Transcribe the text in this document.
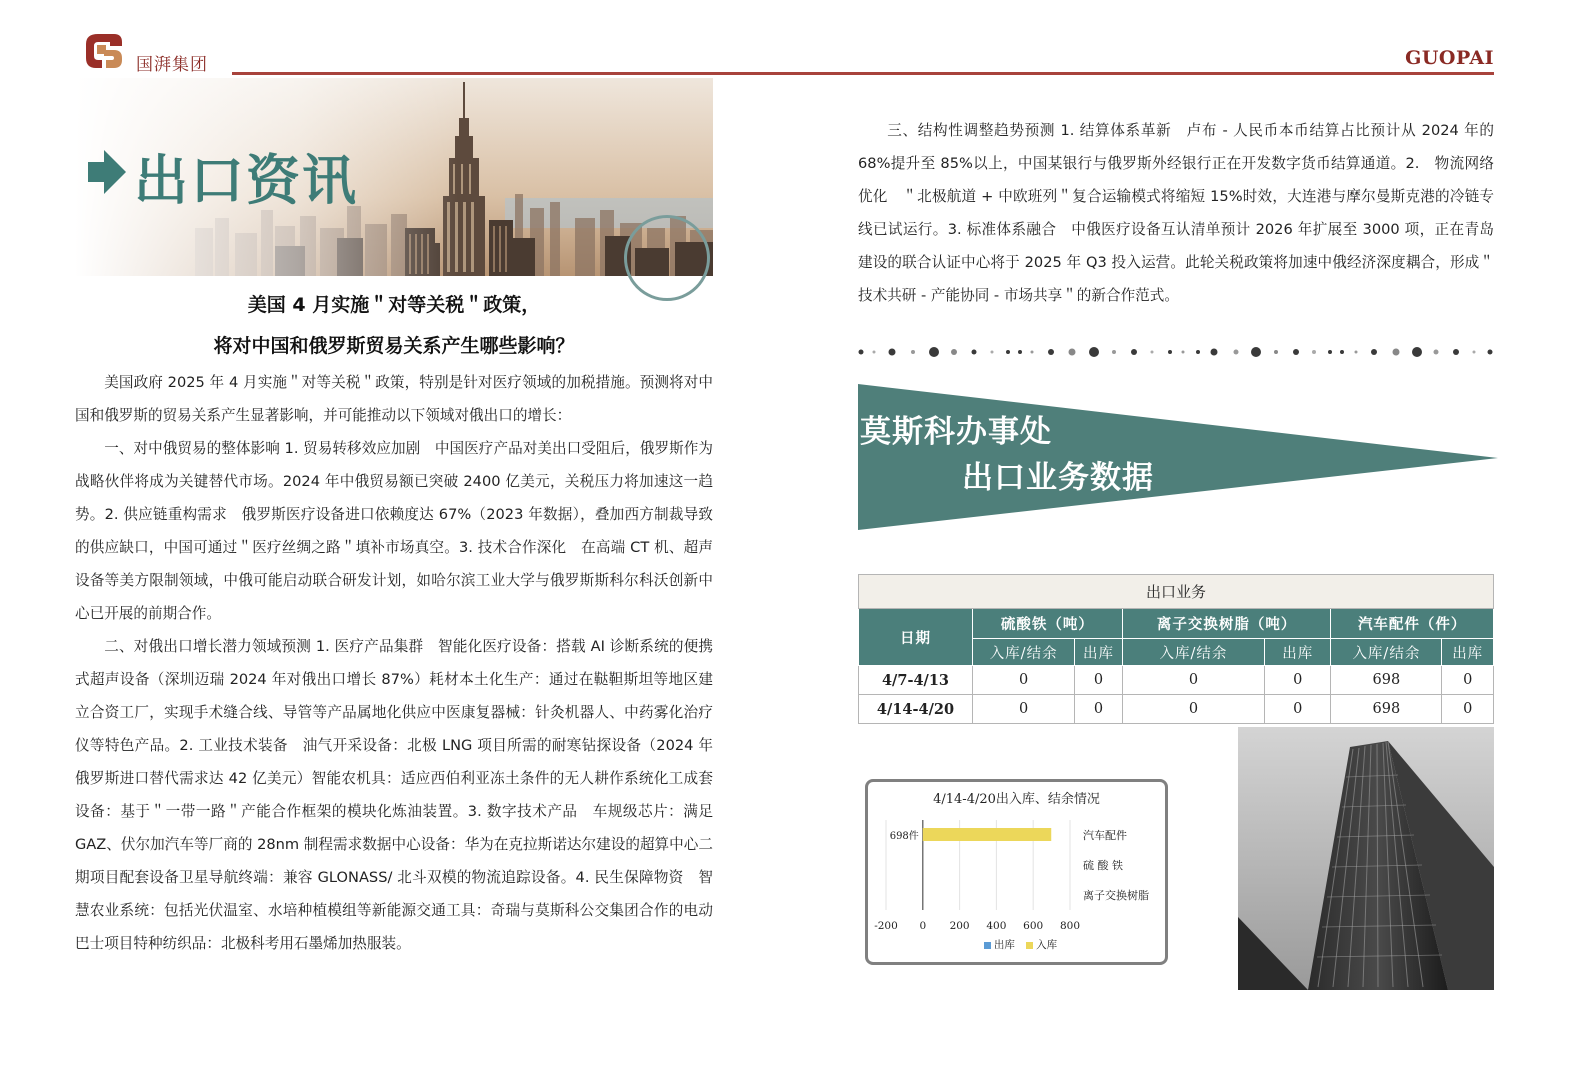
国湃集团	GUOPAI
出口资讯
美国 4 月实施＂对等关税＂政策，
将对中国和俄罗斯贸易关系产生哪些影响？

美国政府 2025 年 4 月实施＂对等关税＂政策，特别是针对医疗领域的加税措施。预测将对中国和俄罗斯的贸易关系产生显著影响，并可能推动以下领域对俄出口的增长：

一、对中俄贸易的整体影响 1. 贸易转移效应加剧　中国医疗产品对美出口受阻后，俄罗斯作为战略伙伴将成为关键替代市场。2024 年中俄贸易额已突破 2400 亿美元，关税压力将加速这一趋势。2. 供应链重构需求　俄罗斯医疗设备进口依赖度达 67%（2023 年数据），叠加西方制裁导致的供应缺口，中国可通过＂医疗丝绸之路＂填补市场真空。3. 技术合作深化　在高端 CT 机、超声设备等美方限制领域，中俄可能启动联合研发计划，如哈尔滨工业大学与俄罗斯斯科尔科沃创新中心已开展的前期合作。

二、对俄出口增长潜力领域预测 1. 医疗产品集群　智能化医疗设备：搭载 AI 诊断系统的便携式超声设备（深圳迈瑞 2024 年对俄出口增长 87%）耗材本土化生产：通过在鞑靼斯坦等地区建立合资工厂，实现手术缝合线、导管等产品属地化供应中医康复器械：针灸机器人、中药雾化治疗仪等特色产品。2. 工业技术装备　油气开采设备：北极 LNG 项目所需的耐寒钻探设备（2024 年俄罗斯进口替代需求达 42 亿美元）智能农机具：适应西伯利亚冻土条件的无人耕作系统化工成套设备：基于＂一带一路＂产能合作框架的模块化炼油装置。3. 数字技术产品　车规级芯片：满足 GAZ、伏尔加汽车等厂商的 28nm 制程需求数据中心设备：华为在克拉斯诺达尔建设的超算中心二期项目配套设备卫星导航终端：兼容 GLONASS/ 北斗双模的物流追踪设备。4. 民生保障物资　智慧农业系统：包括光伏温室、水培种植模组等新能源交通工具：奇瑞与莫斯科公交集团合作的电动巴士项目特种纺织品：北极科考用石墨烯加热服装。

三、结构性调整趋势预测 1. 结算体系革新　卢布 - 人民币本币结算占比预计从 2024 年的 68%提升至 85%以上，中国某银行与俄罗斯外经银行正在开发数字货币结算通道。2.　物流网络优化　＂北极航道 + 中欧班列＂复合运输模式将缩短 15%时效，大连港与摩尔曼斯克港的冷链专线已试运行。3. 标准体系融合　中俄医疗设备互认清单预计 2026 年扩展至 3000 项，正在青岛建设的联合认证中心将于 2025 年 Q3 投入运营。此轮关税政策将加速中俄经济深度耦合，形成＂技术共研 - 产能协同 - 市场共享＂的新合作范式。

莫斯科办事处
出口业务数据
出口业务						
日期	硫酸铁（吨）		离子交换树脂（吨）		汽车配件（件）	
	入库/结余	出库	入库/结余	出库	入库/结余	出库
4/7-4/13	0	0	0	0	698	0
4/14-4/20	0	0	0	0	698	0
4/14-4/20出入库、结余情况
-200 0 200 400 600 800
汽车配件
硫 酸 铁
离子交换树脂
698件
出库 入库
